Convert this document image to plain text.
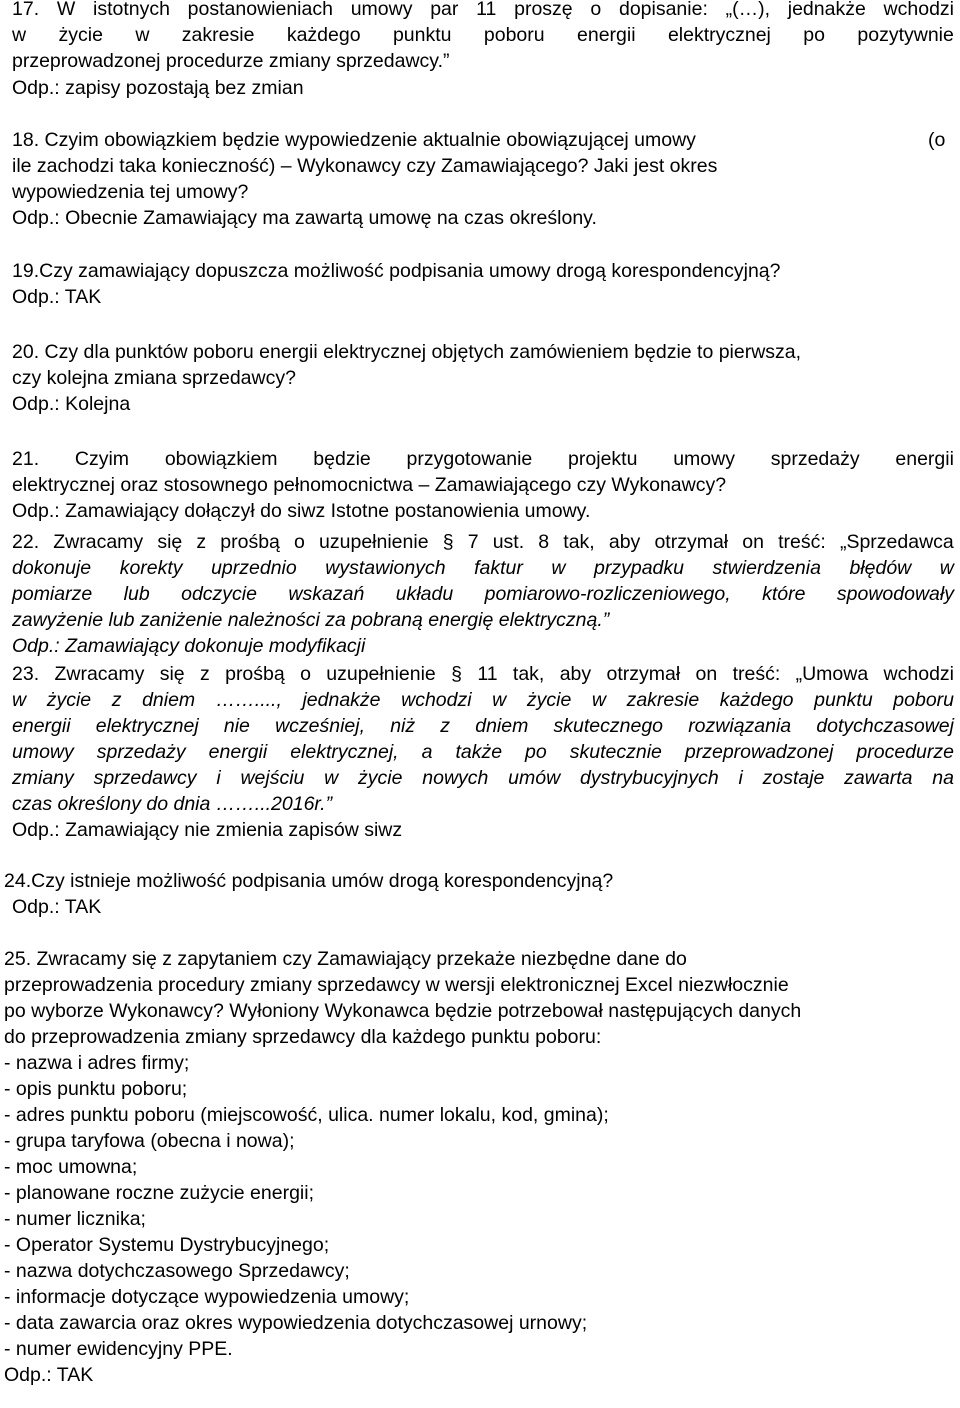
17. W istotnych postanowieniach umowy par 11 proszę o dopisanie: „(…), jednakże wchodzi
w życie w zakresie każdego punktu poboru energii elektrycznej po pozytywnie
przeprowadzonej procedurze zmiany sprzedawcy.”
Odp.: zapisy pozostają bez zmian
18. Czyim obowiązkiem będzie wypowiedzenie aktualnie obowiązującej umowy	(o
ile zachodzi taka konieczność) – Wykonawcy czy Zamawiającego? Jaki jest okres
wypowiedzenia tej umowy?
Odp.: Obecnie Zamawiający ma zawartą umowę na czas określony.
19.Czy zamawiający dopuszcza możliwość podpisania umowy drogą korespondencyjną?
Odp.: TAK
20. Czy dla punktów poboru energii elektrycznej objętych zamówieniem będzie to pierwsza,
czy kolejna zmiana sprzedawcy?
Odp.: Kolejna
21. Czyim obowiązkiem będzie przygotowanie projektu umowy sprzedaży energii
elektrycznej oraz stosownego pełnomocnictwa – Zamawiającego czy Wykonawcy?
Odp.: Zamawiający dołączył do siwz Istotne postanowienia umowy.
22. Zwracamy się z prośbą o uzupełnienie § 7 ust. 8 tak, aby otrzymał on treść: „Sprzedawca
dokonuje korekty uprzednio wystawionych faktur w przypadku stwierdzenia błędów w
pomiarze lub odczycie wskazań układu pomiarowo-rozliczeniowego, które spowodowały
zawyżenie lub zaniżenie należności za pobraną energię elektryczną.”
Odp.: Zamawiający dokonuje modyfikacji
23. Zwracamy się z prośbą o uzupełnienie § 11 tak, aby otrzymał on treść: „Umowa wchodzi
w życie z dniem ……...., jednakże wchodzi w życie w zakresie każdego punktu poboru
energii elektrycznej nie wcześniej, niż z dniem skutecznego rozwiązania dotychczasowej
umowy sprzedaży energii elektrycznej, a także po skutecznie przeprowadzonej procedurze
zmiany sprzedawcy i wejściu w życie nowych umów dystrybucyjnych i zostaje zawarta na
czas określony do dnia ……...2016r.”
Odp.: Zamawiający nie zmienia zapisów siwz
24.Czy istnieje możliwość podpisania umów drogą korespondencyjną?
Odp.: TAK
25. Zwracamy się z zapytaniem czy Zamawiający przekaże niezbędne dane do
przeprowadzenia procedury zmiany sprzedawcy w wersji elektronicznej Excel niezwłocznie
po wyborze Wykonawcy? Wyłoniony Wykonawca będzie potrzebował następujących danych
do przeprowadzenia zmiany sprzedawcy dla każdego punktu poboru:
- nazwa i adres firmy;
- opis punktu poboru;
- adres punktu poboru (miejscowość, ulica. numer lokalu, kod, gmina);
- grupa taryfowa (obecna i nowa);
- moc umowna;
- planowane roczne zużycie energii;
- numer licznika;
- Operator Systemu Dystrybucyjnego;
- nazwa dotychczasowego Sprzedawcy;
- informacje dotyczące wypowiedzenia umowy;
- data zawarcia oraz okres wypowiedzenia dotychczasowej urnowy;
- numer ewidencyjny PPE.
Odp.: TAK
